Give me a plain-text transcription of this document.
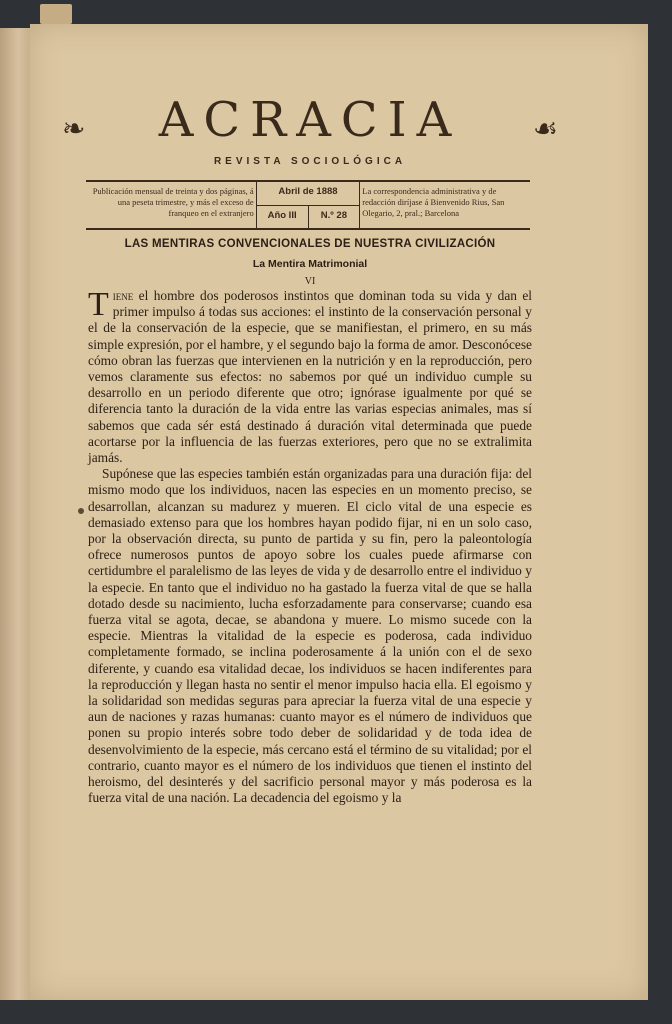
❧	ACRACIA	☙
REVISTA SOCIOLÓGICA
Publicación mensual de treinta y dos páginas, á una peseta trimestre, y más el exceso de franqueo en el extranjero
Abril de 1888
Año III	N.º 28
La correspondencia administrativa y de redacción diríjase á Bienvenido Rius, San Olegario, 2, pral.; Barcelona
LAS MENTIRAS CONVENCIONALES DE NUESTRA CIVILIZACIÓN
La Mentira Matrimonial
VI

Tiene el hombre dos poderosos instintos que dominan toda su vida y dan el primer impulso á todas sus acciones: el instinto de la conservación personal y el de la conservación de la especie, que se manifiestan, el primero, en su más simple expresión, por el hambre, y el segundo bajo la forma de amor. Desconócese cómo obran las fuerzas que intervienen en la nutrición y en la reproducción, pero vemos claramente sus efectos: no sabemos por qué un individuo cumple su desarrollo en un periodo diferente que otro; ignórase igualmente por qué se diferencia tanto la duración de la vida entre las varias especias animales, mas sí sabemos que cada sér está destinado á duración vital determinada que puede acortarse por la influencia de las fuerzas exteriores, pero que no se extralimita jamás.

Supónese que las especies también están organizadas para una duración fija: del mismo modo que los individuos, nacen las especies en un momento preciso, se desarrollan, alcanzan su madurez y mueren. El ciclo vital de una especie es demasiado extenso para que los hombres hayan podido fijar, ni en un solo caso, por la observación directa, su punto de partida y su fin, pero la paleontología ofrece numerosos puntos de apoyo sobre los cuales puede afirmarse con certidumbre el paralelismo de las leyes de vida y de desarrollo entre el individuo y la especie. En tanto que el individuo no ha gastado la fuerza vital de que se halla dotado desde su nacimiento, lucha esforzadamente para conservarse; cuando esa fuerza vital se agota, decae, se abandona y muere. Lo mismo sucede con la especie. Mientras la vitalidad de la especie es poderosa, cada individuo completamente formado, se inclina poderosamente á la unión con el de sexo diferente, y cuando esa vitalidad decae, los individuos se hacen indiferentes para la reproducción y llegan hasta no sentir el menor impulso hacia ella. El egoismo y la solidaridad son medidas seguras para apreciar la fuerza vital de una especie y aun de naciones y razas humanas: cuanto mayor es el número de individuos que ponen su propio interés sobre todo deber de solidaridad y de toda idea de desenvolvimiento de la especie, más cercano está el término de su vitalidad; por el contrario, cuanto mayor es el número de los individuos que tienen el instinto del heroismo, del desinterés y del sacrificio personal mayor y más poderosa es la fuerza vital de una nación. La decadencia del egoismo y la
